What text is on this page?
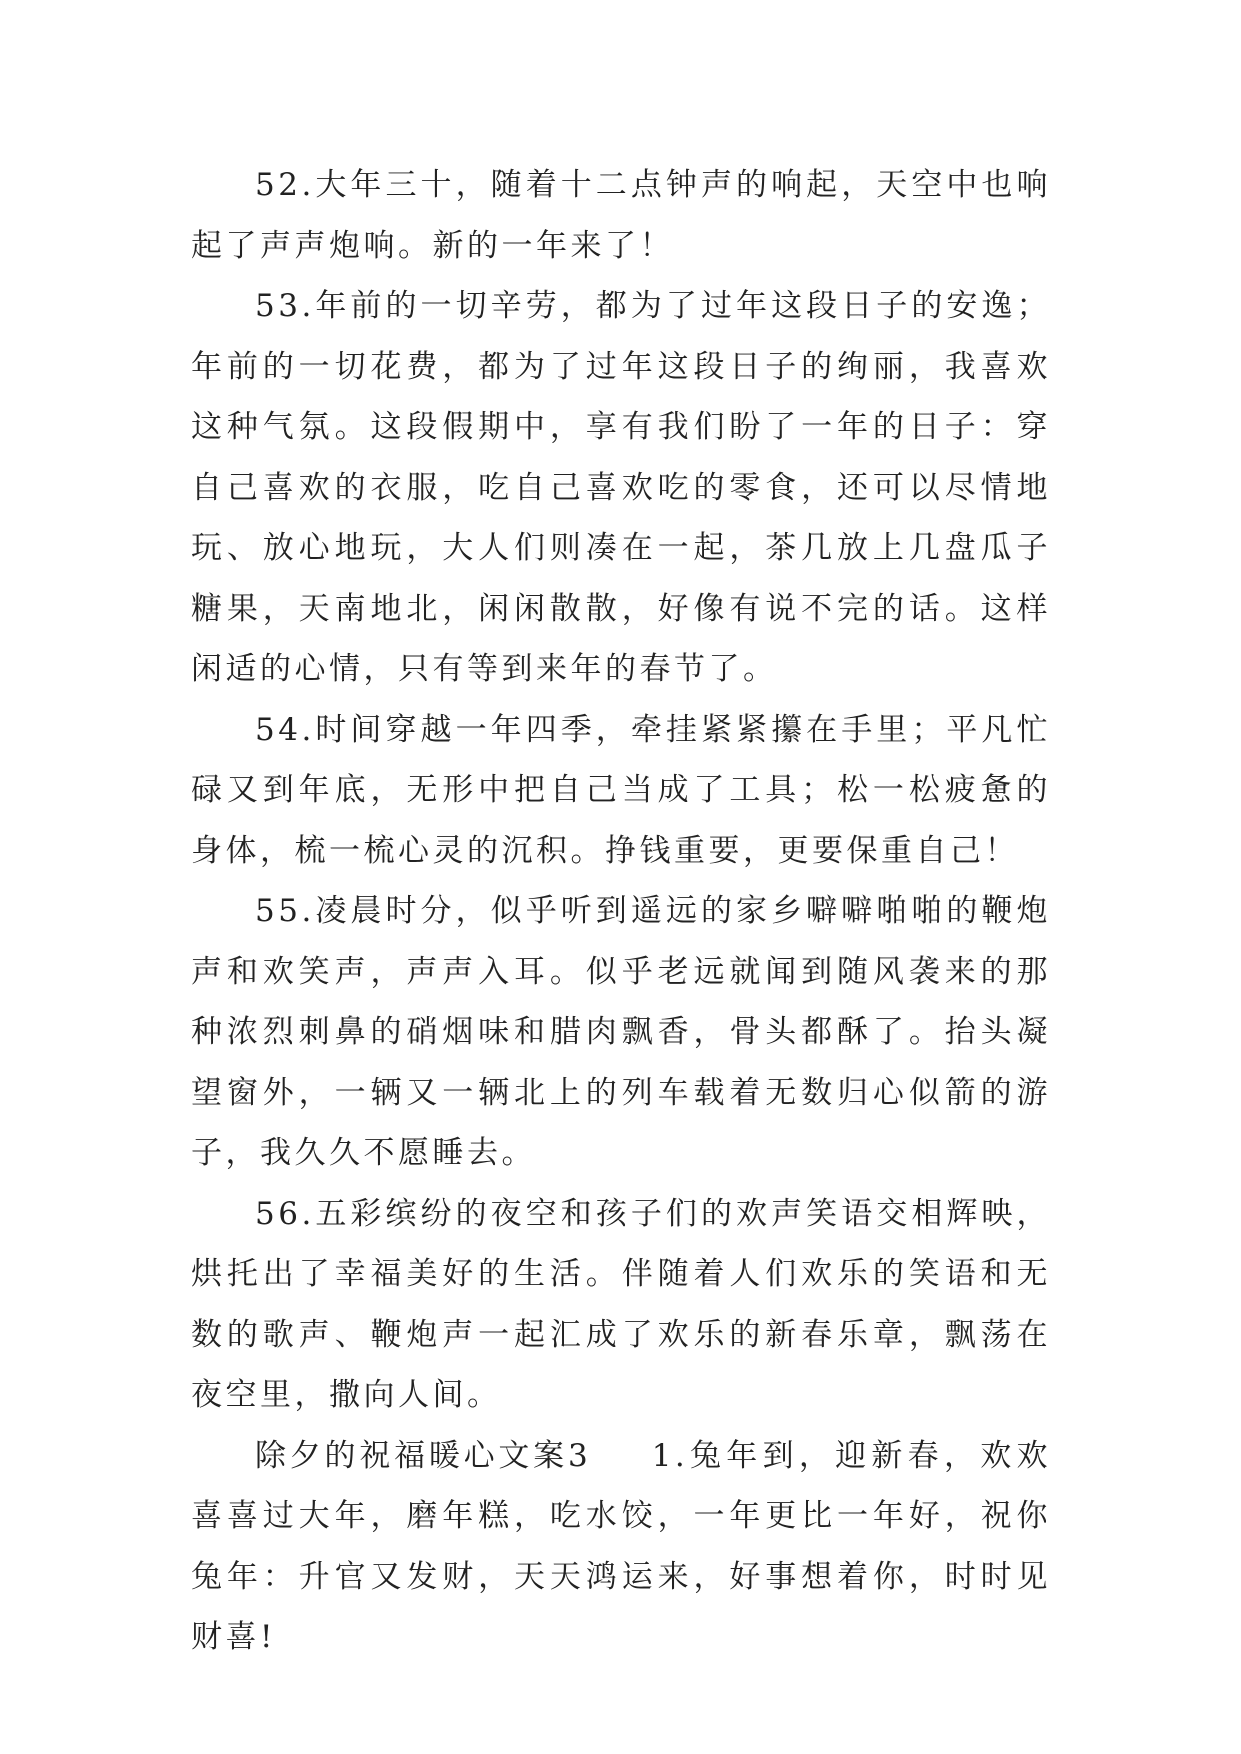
52.大年三十，随着十二点钟声的响起，天空中也响起了声声炮响。新的一年来了！

53.年前的一切辛劳，都为了过年这段日子的安逸；年前的一切花费，都为了过年这段日子的绚丽，我喜欢这种气氛。这段假期中，享有我们盼了一年的日子：穿自己喜欢的衣服，吃自己喜欢吃的零食，还可以尽情地玩、放心地玩，大人们则凑在一起，茶几放上几盘瓜子糖果，天南地北，闲闲散散，好像有说不完的话。这样闲适的心情，只有等到来年的春节了。

54.时间穿越一年四季，牵挂紧紧攥在手里；平凡忙碌又到年底，无形中把自己当成了工具；松一松疲惫的身体，梳一梳心灵的沉积。挣钱重要，更要保重自己！

55.凌晨时分，似乎听到遥远的家乡噼噼啪啪的鞭炮声和欢笑声，声声入耳。似乎老远就闻到随风袭来的那种浓烈刺鼻的硝烟味和腊肉飘香，骨头都酥了。抬头凝望窗外，一辆又一辆北上的列车载着无数归心似箭的游子，我久久不愿睡去。

56.五彩缤纷的夜空和孩子们的欢声笑语交相辉映，烘托出了幸福美好的生活。伴随着人们欢乐的笑语和无数的歌声、鞭炮声一起汇成了欢乐的新春乐章，飘荡在夜空里，撒向人间。

除夕的祝福暖心文案3 1.兔年到，迎新春，欢欢喜喜过大年，磨年糕，吃水饺，一年更比一年好，祝你兔年：升官又发财，天天鸿运来，好事想着你，时时见财喜!
